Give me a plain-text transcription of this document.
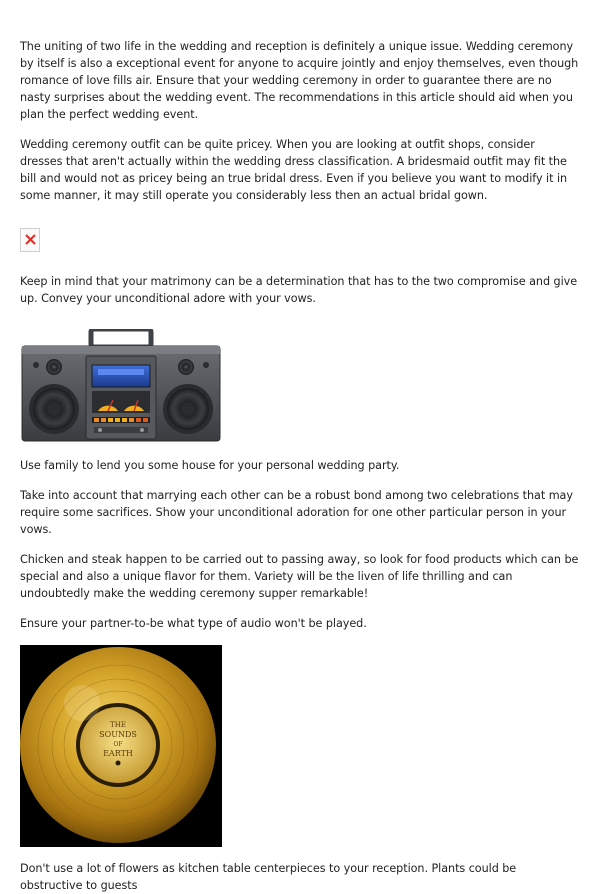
The uniting of two life in the wedding and reception is definitely a unique issue. Wedding ceremony by itself is also a exceptional event for anyone to acquire jointly and enjoy themselves, even though romance of love fills air. Ensure that your wedding ceremony in order to guarantee there are no nasty surprises about the wedding event. The recommendations in this article should aid when you plan the perfect wedding event.

Wedding ceremony outfit can be quite pricey. When you are looking at outfit shops, consider dresses that aren't actually within the wedding dress classification. A bridesmaid outfit may fit the bill and would not as pricey being an true bridal dress. Even if you believe you want to modify it in some manner, it may still operate you considerably less then an actual bridal gown.

Keep in mind that your matrimony can be a determination that has to the two compromise and give up. Convey your unconditional adore with your vows.

Use family to lend you some house for your personal wedding party.

Take into account that marrying each other can be a robust bond among two celebrations that may require some sacrifices. Show your unconditional adoration for one other particular person in your vows.

Chicken and steak happen to be carried out to passing away, so look for food products which can be special and also a unique flavor for them. Variety will be the liven of life thrilling and can undoubtedly make the wedding ceremony supper remarkable!

Ensure your partner-to-be what type of audio won't be played.

THE
SOUNDS
OF
EARTH

Don't use a lot of flowers as kitchen table centerpieces to your reception. Plants could be obstructive to guests
